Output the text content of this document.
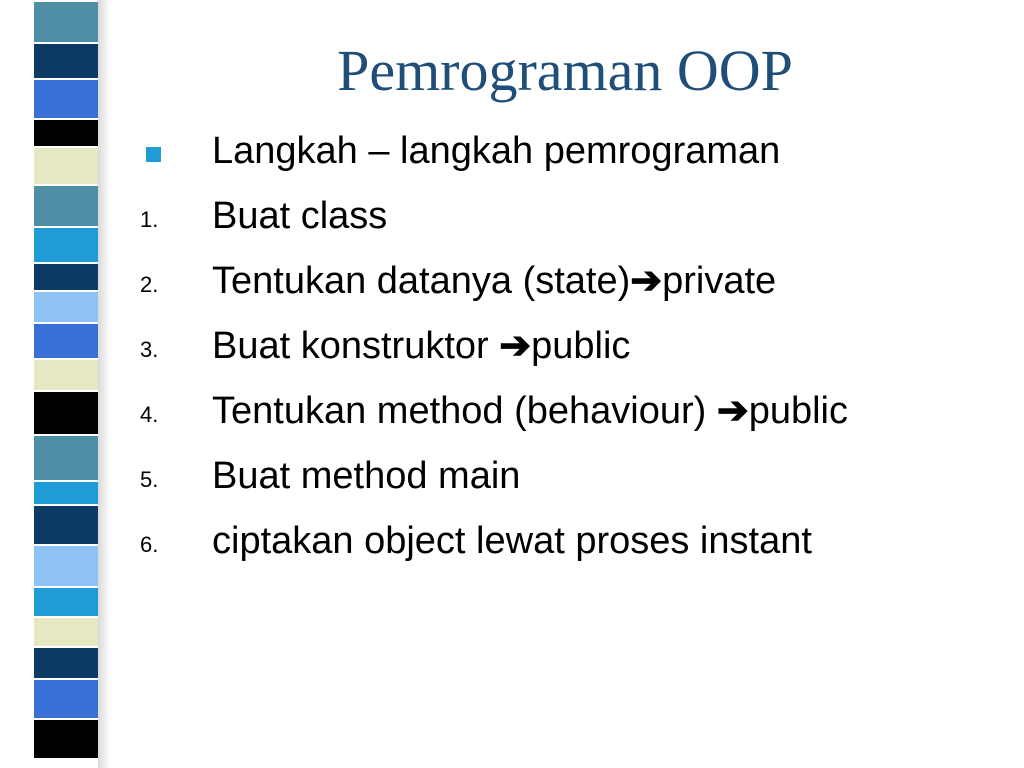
Pemrograman OOP
Langkah – langkah pemrograman
1.	Buat class
2.	Tentukan datanya (state)➔private
3.	Buat konstruktor ➔public
4.	Tentukan method (behaviour) ➔public
5.	Buat method main
6.	ciptakan object lewat proses instant
